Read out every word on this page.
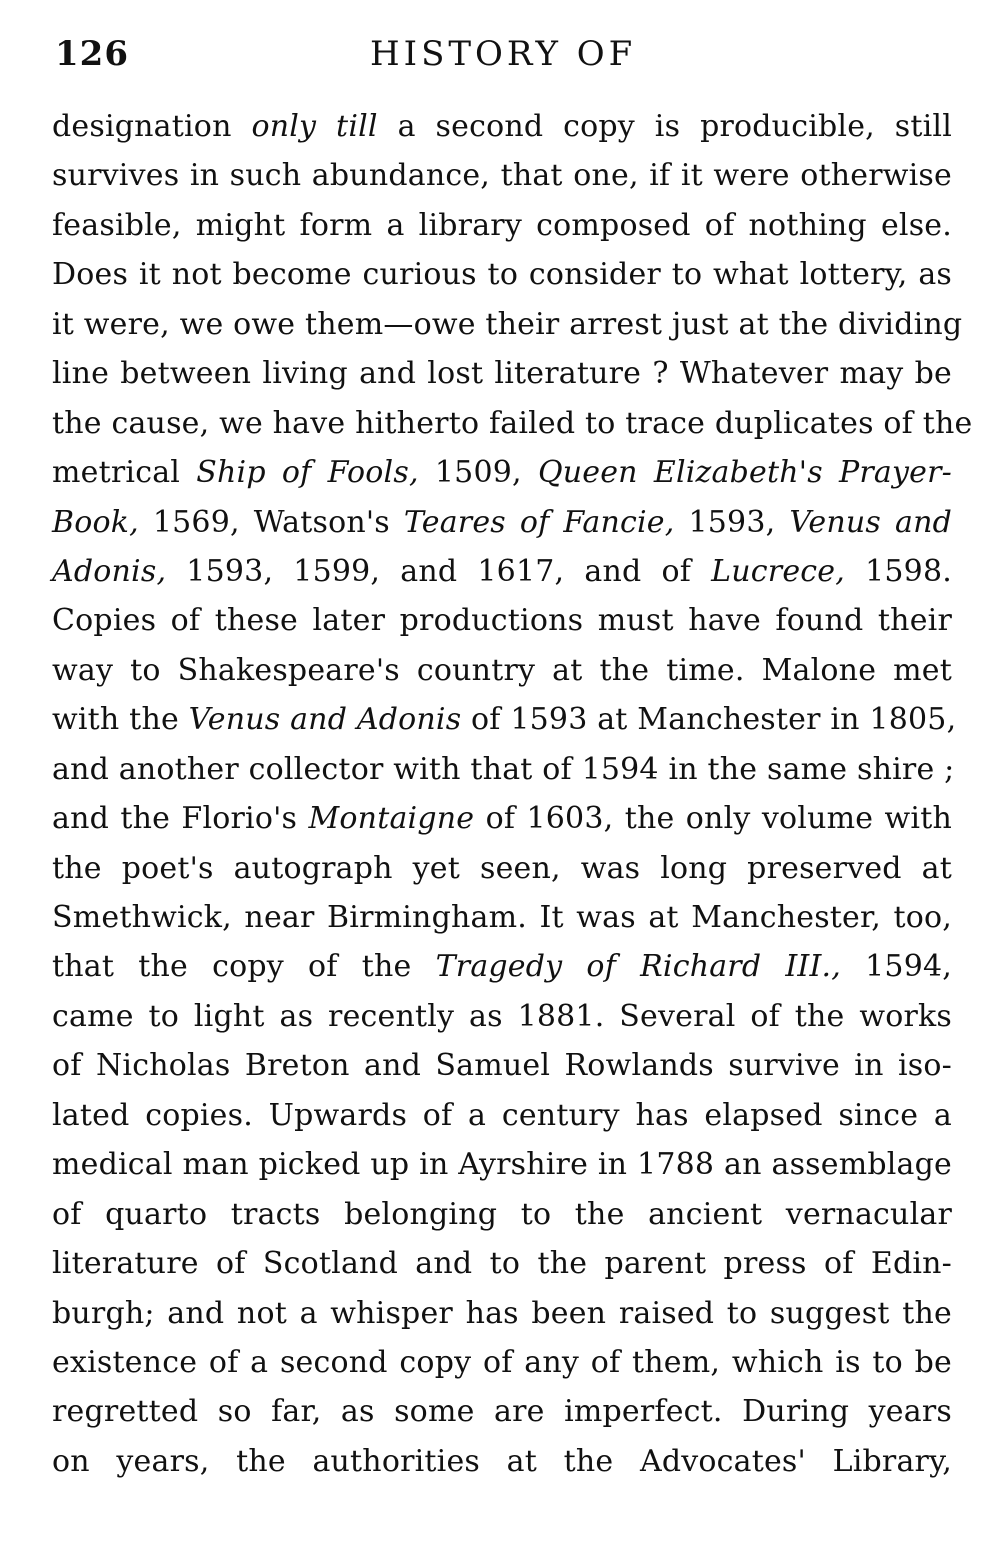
126	HISTORY OF
designation only till a second copy is producible, still
survives in such abundance, that one, if it were otherwise
feasible, might form a library composed of nothing else.
Does it not become curious to consider to what lottery, as
it were, we owe them—owe their arrest just at the dividing
line between living and lost literature ? Whatever may be
the cause, we have hitherto failed to trace duplicates of the
metrical Ship of Fools, 1509, Queen Elizabeth's Prayer-
Book, 1569, Watson's Teares of Fancie, 1593, Venus and
Adonis, 1593, 1599, and 1617, and of Lucrece, 1598.
Copies of these later productions must have found their
way to Shakespeare's country at the time. Malone met
with the Venus and Adonis of 1593 at Manchester in 1805,
and another collector with that of 1594 in the same shire ;
and the Florio's Montaigne of 1603, the only volume with
the poet's autograph yet seen, was long preserved at
Smethwick, near Birmingham. It was at Manchester, too,
that the copy of the Tragedy of Richard III., 1594,
came to light as recently as 1881. Several of the works
of Nicholas Breton and Samuel Rowlands survive in iso-
lated copies. Upwards of a century has elapsed since a
medical man picked up in Ayrshire in 1788 an assemblage
of quarto tracts belonging to the ancient vernacular
literature of Scotland and to the parent press of Edin-
burgh; and not a whisper has been raised to suggest the
existence of a second copy of any of them, which is to be
regretted so far, as some are imperfect. During years
on years, the authorities at the Advocates' Library,
